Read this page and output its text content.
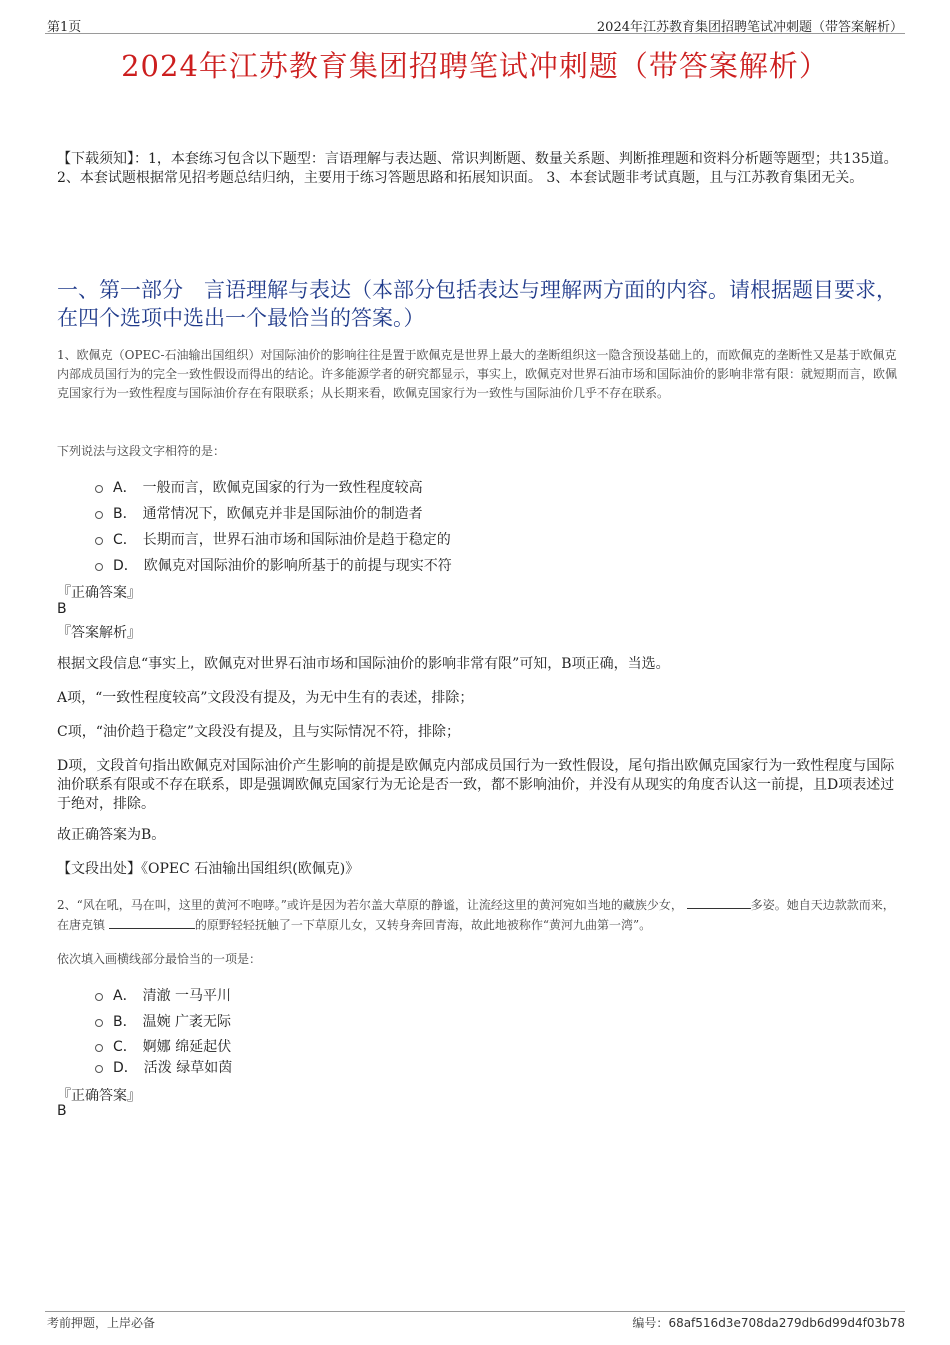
第1页	2024年江苏教育集团招聘笔试冲刺题（带答案解析）
2024年江苏教育集团招聘笔试冲刺题（带答案解析）

【下载须知】：1，本套练习包含以下题型：言语理解与表达题、常识判断题、数量关系题、判断推理题和资料分析题等题型；共135道。 2、本套试题根据常见招考题总结归纳，主要用于练习答题思路和拓展知识面。 3、本套试题非考试真题，且与江苏教育集团无关。

一、第一部分　言语理解与表达（本部分包括表达与理解两方面的内容。请根据题目要求，在四个选项中选出一个最恰当的答案。）

1、欧佩克（OPEC-石油输出国组织）对国际油价的影响往往是置于欧佩克是世界上最大的垄断组织这一隐含预设基础上的，而欧佩克的垄断性又是基于欧佩克内部成员国行为的完全一致性假设而得出的结论。许多能源学者的研究都显示，事实上，欧佩克对世界石油市场和国际油价的影响非常有限：就短期而言，欧佩克国家行为一致性程度与国际油价存在有限联系；从长期来看，欧佩克国家行为一致性与国际油价几乎不存在联系。

下列说法与这段文字相符的是：
A． 一般而言，欧佩克国家的行为一致性程度较高
B． 通常情况下，欧佩克并非是国际油价的制造者
C． 长期而言，世界石油市场和国际油价是趋于稳定的
D． 欧佩克对国际油价的影响所基于的前提与现实不符
『正确答案』
B
『答案解析』

根据文段信息“事实上，欧佩克对世界石油市场和国际油价的影响非常有限”可知，B项正确，当选。

A项，“一致性程度较高”文段没有提及，为无中生有的表述，排除；

C项，“油价趋于稳定”文段没有提及，且与实际情况不符，排除；

D项，文段首句指出欧佩克对国际油价产生影响的前提是欧佩克内部成员国行为一致性假设，尾句指出欧佩克国家行为一致性程度与国际油价联系有限或不存在联系，即是强调欧佩克国家行为无论是否一致，都不影响油价，并没有从现实的角度否认这一前提，且D项表述过于绝对，排除。

故正确答案为B。

【文段出处】《OPEC 石油输出国组织(欧佩克)》

2、“风在吼，马在叫，这里的黄河不咆哮。”或许是因为若尔盖大草原的静谧，让流经这里的黄河宛如当地的藏族少女，	多姿。她自天边款款而来，在唐克镇	的原野轻轻抚触了一下草原儿女，又转身奔回青海，故此地被称作“黄河九曲第一湾”。

依次填入画横线部分最恰当的一项是：
A． 清澈 一马平川
B． 温婉 广袤无际
C． 婀娜 绵延起伏
D． 活泼 绿草如茵
『正确答案』
B
考前押题，上岸必备	编号：68af516d3e708da279db6d99d4f03b78
